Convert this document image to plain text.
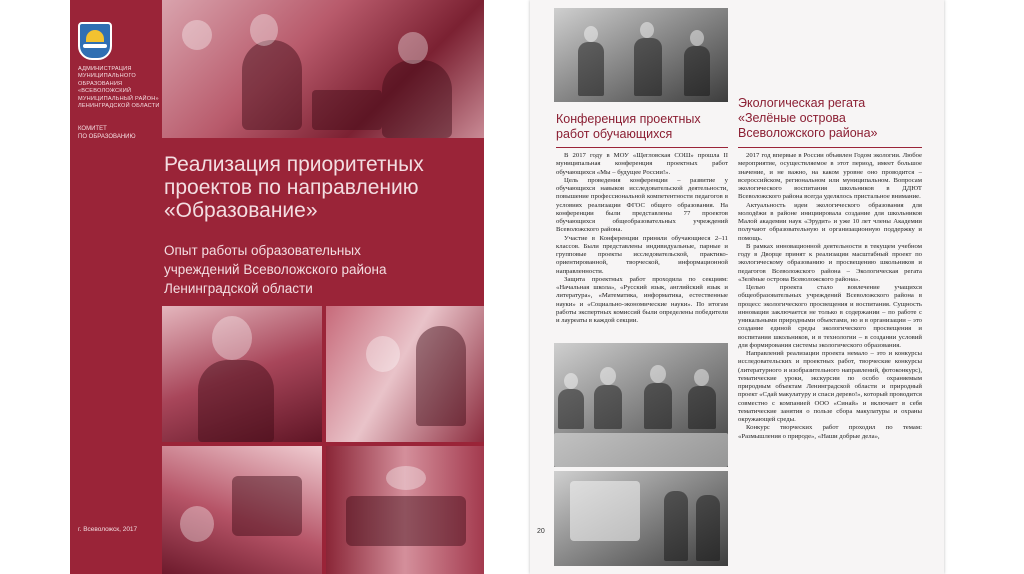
АДМИНИСТРАЦИЯ
МУНИЦИПАЛЬНОГО
ОБРАЗОВАНИЯ
«ВСЕВОЛОЖСКИЙ
МУНИЦИПАЛЬНЫЙ РАЙОН»
ЛЕНИНГРАДСКОЙ ОБЛАСТИ
КОМИТЕТ
ПО ОБРАЗОВАНИЮ
Реализация приоритетных
проектов по направлению
«Образование»
Опыт работы образовательных
учреждений Всеволожского района
Ленинградской области
г. Всеволожск, 2017
Конференция проектных
работ обучающихся
Экологическая регата
«Зелёные острова
Всеволожского района»

В 2017 году в МОУ «Щегловская СОШ» прошла II муниципальная конференция проектных работ обучающихся «Мы – будущее России!».

Цель проведения конференции – развитие у обучающихся навыков исследовательской деятельности, повышение профессиональной компетентности педагогов в условиях реализации ФГОС общего образования. На конференции были представлены 77 проектов обучающихся общеобразовательных учреждений Всеволожского района.

Участие в Конференции приняли обучающиеся 2–11 классов. Были представлены индивидуальные, парные и групповые проекты исследовательской, практико-ориентированной, творческой, информационной направленности.

Защита проектных работ проходила по секциям: «Начальная школа», «Русский язык, английский язык и литература», «Математика, информатика, естественные науки» и «Социально-экономические науки». По итогам работы экспертных комиссий были определены победители и лауреаты в каждой секции.

20

2017 год впервые в России объявлен Годом экологии. Любое мероприятие, осуществляемое в этот период, имеет большое значение, и не важно, на каком уровне оно проводится – всероссийском, региональном или муниципальном. Вопросам экологического воспитания школьников в ДДЮТ Всеволожского района всегда уделялось пристальное внимание.

Актуальность идеи экологического образования для молодёжи в районе инициировала создание для школьников Малой академии наук «Эрудит» и уже 10 лет члены Академии получают образовательную и организационную поддержку и помощь.

В рамках инновационной деятельности в текущем учебном году в Дворце принят к реализации масштабный проект по экологическому образованию и просвещению школьников и педагогов Всеволожского района – Экологическая регата «Зелёные острова Всеволожского района».

Целью проекта стало вовлечение учащихся общеобразовательных учреждений Всеволожского района в процесс экологического просвещения и воспитания. Сущность инновации заключается не только в содержании – по работе с уникальными природными объектами, но и в организации – это создание единой среды экологического просвещения и воспитания школьников, и в технологии – в создании условий для формирования системы экологического образования.

Направлений реализации проекта немало – это и конкурсы исследовательских и проектных работ, творческие конкурсы (литературного и изобразительного направлений, фотоконкурс), тематические уроки, экскурсии по особо охраняемым природным объектам Ленинградской области и природный проект «Сдай макулатуру и спаси дерево!», который проводится совместно с компанией ООО «Синай» и включает в себя тематические занятия о пользе сбора макулатуры и охраны окружающей среды.

Конкурс творческих работ проходил по темам: «Размышления о природе», «Наши добрые дела»,
